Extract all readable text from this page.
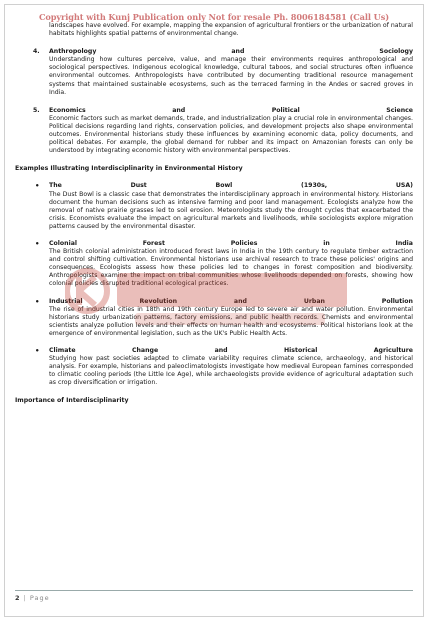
Copyright with Kunj Publication only Not for resale Ph. 8006184581 (Call Us)

landscapes have evolved. For example, mapping the expansion of agricultural frontiers or the urbanization of natural habitats highlights spatial patterns of environmental change.

4. Anthropology	and	Sociology
Understanding how cultures perceive, value, and manage their environments requires anthropological and sociological perspectives. Indigenous ecological knowledge, cultural taboos, and social structures often influence environmental outcomes. Anthropologists have contributed by documenting traditional resource management systems that maintained sustainable ecosystems, such as the terraced farming in the Andes or sacred groves in India.
5. Economics	and	Political	Science
Economic factors such as market demands, trade, and industrialization play a crucial role in environmental changes. Political decisions regarding land rights, conservation policies, and development projects also shape environmental outcomes. Environmental historians study these influences by examining economic data, policy documents, and political debates. For example, the global demand for rubber and its impact on Amazonian forests can only be understood by integrating economic history with environmental perspectives.
Examples Illustrating Interdisciplinarity in Environmental History
• The	Dust	Bowl	(1930s,	USA)
The Dust Bowl is a classic case that demonstrates the interdisciplinary approach in environmental history. Historians document the human decisions such as intensive farming and poor land management. Ecologists analyze how the removal of native prairie grasses led to soil erosion. Meteorologists study the drought cycles that exacerbated the crisis. Economists evaluate the impact on agricultural markets and livelihoods, while sociologists explore migration patterns caused by the environmental disaster.
• Colonial	Forest	Policies	in	India
The British colonial administration introduced forest laws in India in the 19th century to regulate timber extraction and control shifting cultivation. Environmental historians use archival research to trace these policies' origins and consequences. Ecologists assess how these policies led to changes in forest composition and biodiversity. Anthropologists examine the impact on tribal communities whose livelihoods depended on forests, showing how colonial policies disrupted traditional ecological practices.
• Industrial	Revolution	and	Urban	Pollution
The rise of industrial cities in 18th and 19th century Europe led to severe air and water pollution. Environmental historians study urbanization patterns, factory emissions, and public health records. Chemists and environmental scientists analyze pollution levels and their effects on human health and ecosystems. Political historians look at the emergence of environmental legislation, such as the UK's Public Health Acts.
• Climate	Change	and	Historical	Agriculture
Studying how past societies adapted to climate variability requires climate science, archaeology, and historical analysis. For example, historians and paleoclimatologists investigate how medieval European famines corresponded to climatic cooling periods (the Little Ice Age), while archaeologists provide evidence of agricultural adaptation such as crop diversification or irrigation.
Importance of Interdisciplinarity
2 | Page
